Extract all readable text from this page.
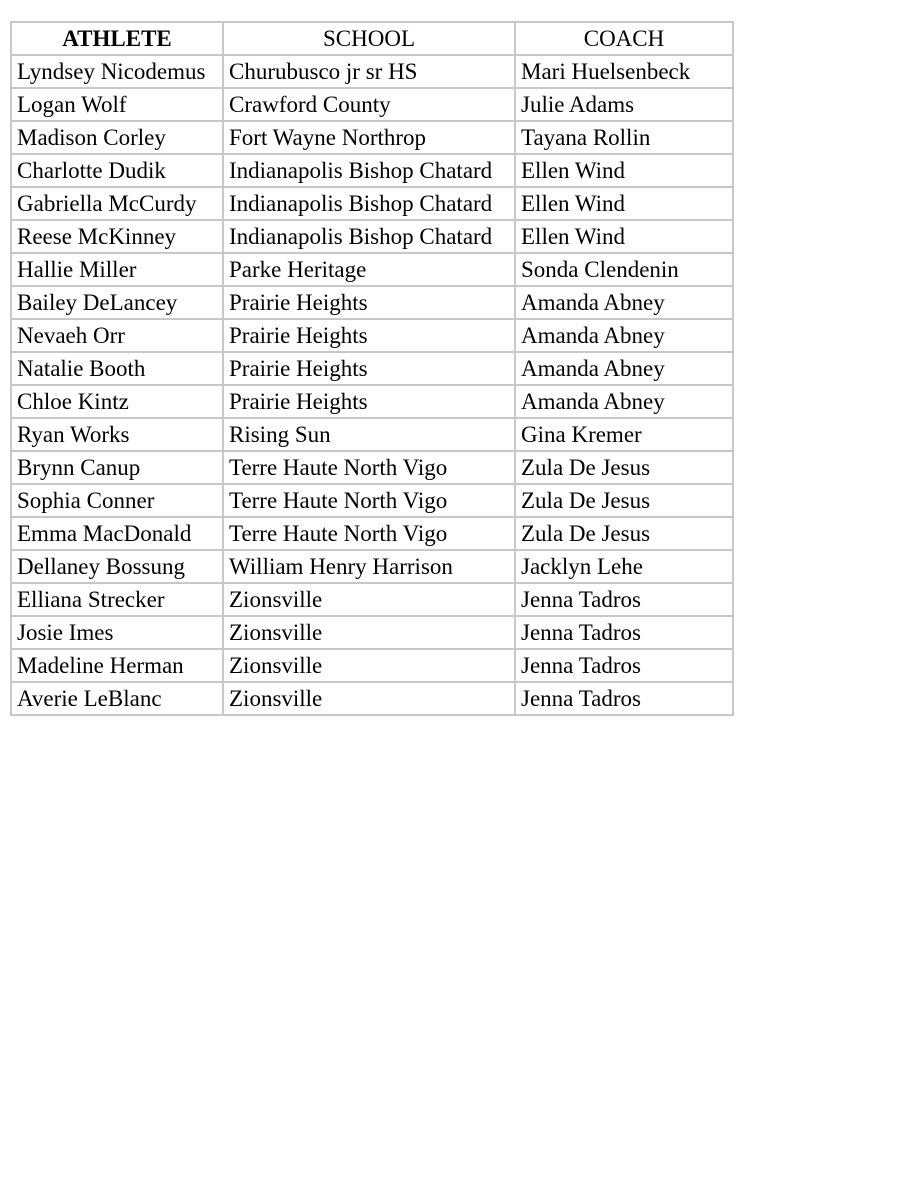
ATHLETE	SCHOOL	COACH
Lyndsey Nicodemus	Churubusco jr sr HS	Mari Huelsenbeck
Logan Wolf	Crawford County	Julie Adams
Madison Corley	Fort Wayne Northrop	Tayana Rollin
Charlotte Dudik	Indianapolis Bishop Chatard	Ellen Wind
Gabriella McCurdy	Indianapolis Bishop Chatard	Ellen Wind
Reese McKinney	Indianapolis Bishop Chatard	Ellen Wind
Hallie Miller	Parke Heritage	Sonda Clendenin
Bailey DeLancey	Prairie Heights	Amanda Abney
Nevaeh Orr	Prairie Heights	Amanda Abney
Natalie Booth	Prairie Heights	Amanda Abney
Chloe Kintz	Prairie Heights	Amanda Abney
Ryan Works	Rising Sun	Gina Kremer
Brynn Canup	Terre Haute North Vigo	Zula De Jesus
Sophia Conner	Terre Haute North Vigo	Zula De Jesus
Emma MacDonald	Terre Haute North Vigo	Zula De Jesus
Dellaney Bossung	William Henry Harrison	Jacklyn Lehe
Elliana Strecker	Zionsville	Jenna Tadros
Josie Imes	Zionsville	Jenna Tadros
Madeline Herman	Zionsville	Jenna Tadros
Averie LeBlanc	Zionsville	Jenna Tadros
